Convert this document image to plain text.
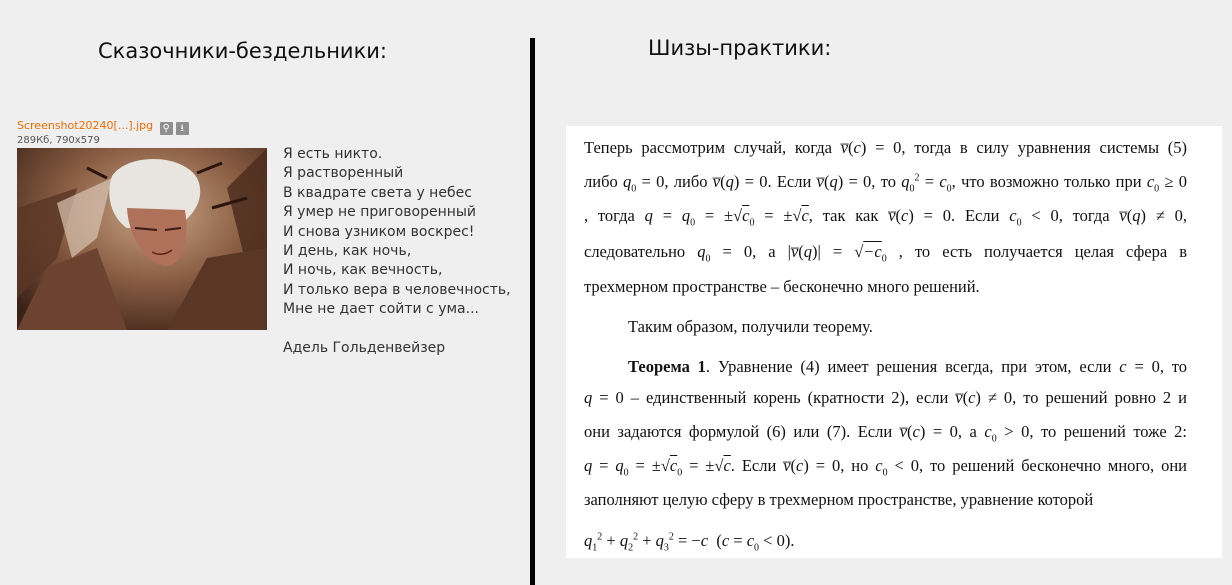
Сказочники-бездельники:	Шизы-практики:
Screenshot20240[...].jpg ⚲ ⭳
289Кб, 790x579
Я есть никто.
Я растворенный
В квадрате света у небес
Я умер не приговоренный
И снова узником воскрес!
И день, как ночь,
И ночь, как вечность,
И только вера в человечность,
Мне не дает сойти с ума...
Адель Гольденвейзер
Теперь рассмотрим случай, когда v̅(c) = 0, тогда в силу уравнения системы (5)
либо $q_0 = 0$, либо v̅(q) = 0. Если v̅(q) = 0, то $q_0^2 = c_0$, что возможно только при $c_0 \ge 0$
, тогда $q = q_0 = \pm√c_0 = \pm√c$, так как v̅(c) = 0. Если $c_0 < 0$, тогда v̅(q) ≠ 0,
следовательно $q_0 = 0$, а |v̅(q)| = $√-c_0$ , то есть получается целая сфера в
трехмерном пространстве – бесконечно много решений.
Таким образом, получили теорему.
Теорема 1. Уравнение (4) имеет решения всегда, при этом, если c = 0, то
q = 0 – единственный корень (кратности 2), если v̅(c) ≠ 0, то решений ровно 2 и
они задаются формулой (6) или (7). Если v̅(c) = 0, а $c_0 > 0$, то решений тоже 2:
$q = q_0 = \pm√c_0 = \pm√c$. Если v̅(c) = 0, но $c_0 < 0$, то решений бесконечно много, они
заполняют целую сферу в трехмерном пространстве, уравнение которой
$q_1^2 + q_2^2 + q_3^2 = -c$  $(c = c_0 < 0)$.
